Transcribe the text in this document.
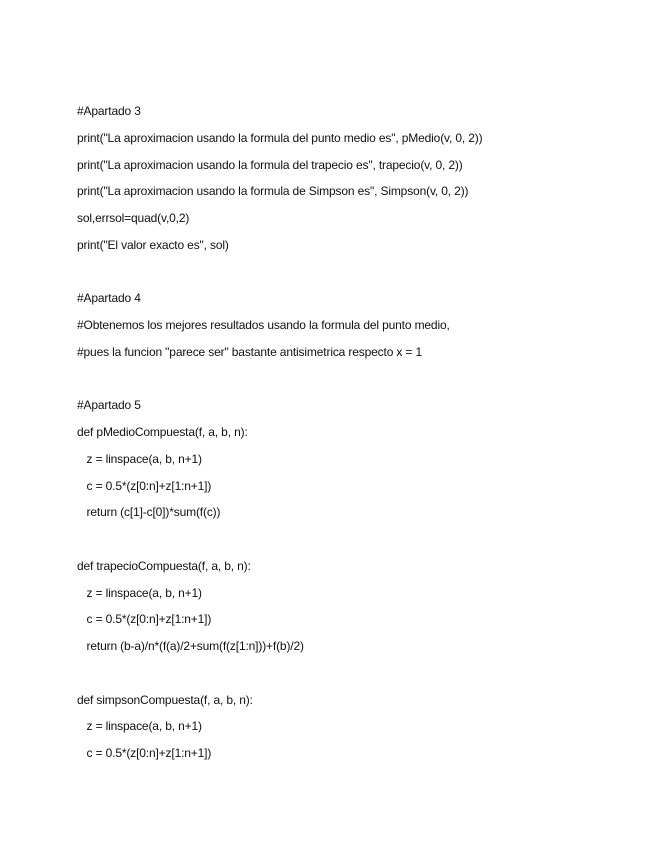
#Apartado 3
print("La aproximacion usando la formula del punto medio es", pMedio(v, 0, 2))
print("La aproximacion usando la formula del trapecio es", trapecio(v, 0, 2))
print("La aproximacion usando la formula de Simpson es", Simpson(v, 0, 2))
sol,errsol=quad(v,0,2)
print("El valor exacto es", sol)
#Apartado 4
#Obtenemos los mejores resultados usando la formula del punto medio,
#pues la funcion "parece ser" bastante antisimetrica respecto x = 1
#Apartado 5
def pMedioCompuesta(f, a, b, n):
z = linspace(a, b, n+1)
c = 0.5*(z[0:n]+z[1:n+1])
return (c[1]-c[0])*sum(f(c))
def trapecioCompuesta(f, a, b, n):
z = linspace(a, b, n+1)
c = 0.5*(z[0:n]+z[1:n+1])
return (b-a)/n*(f(a)/2+sum(f(z[1:n]))+f(b)/2)
def simpsonCompuesta(f, a, b, n):
z = linspace(a, b, n+1)
c = 0.5*(z[0:n]+z[1:n+1])
